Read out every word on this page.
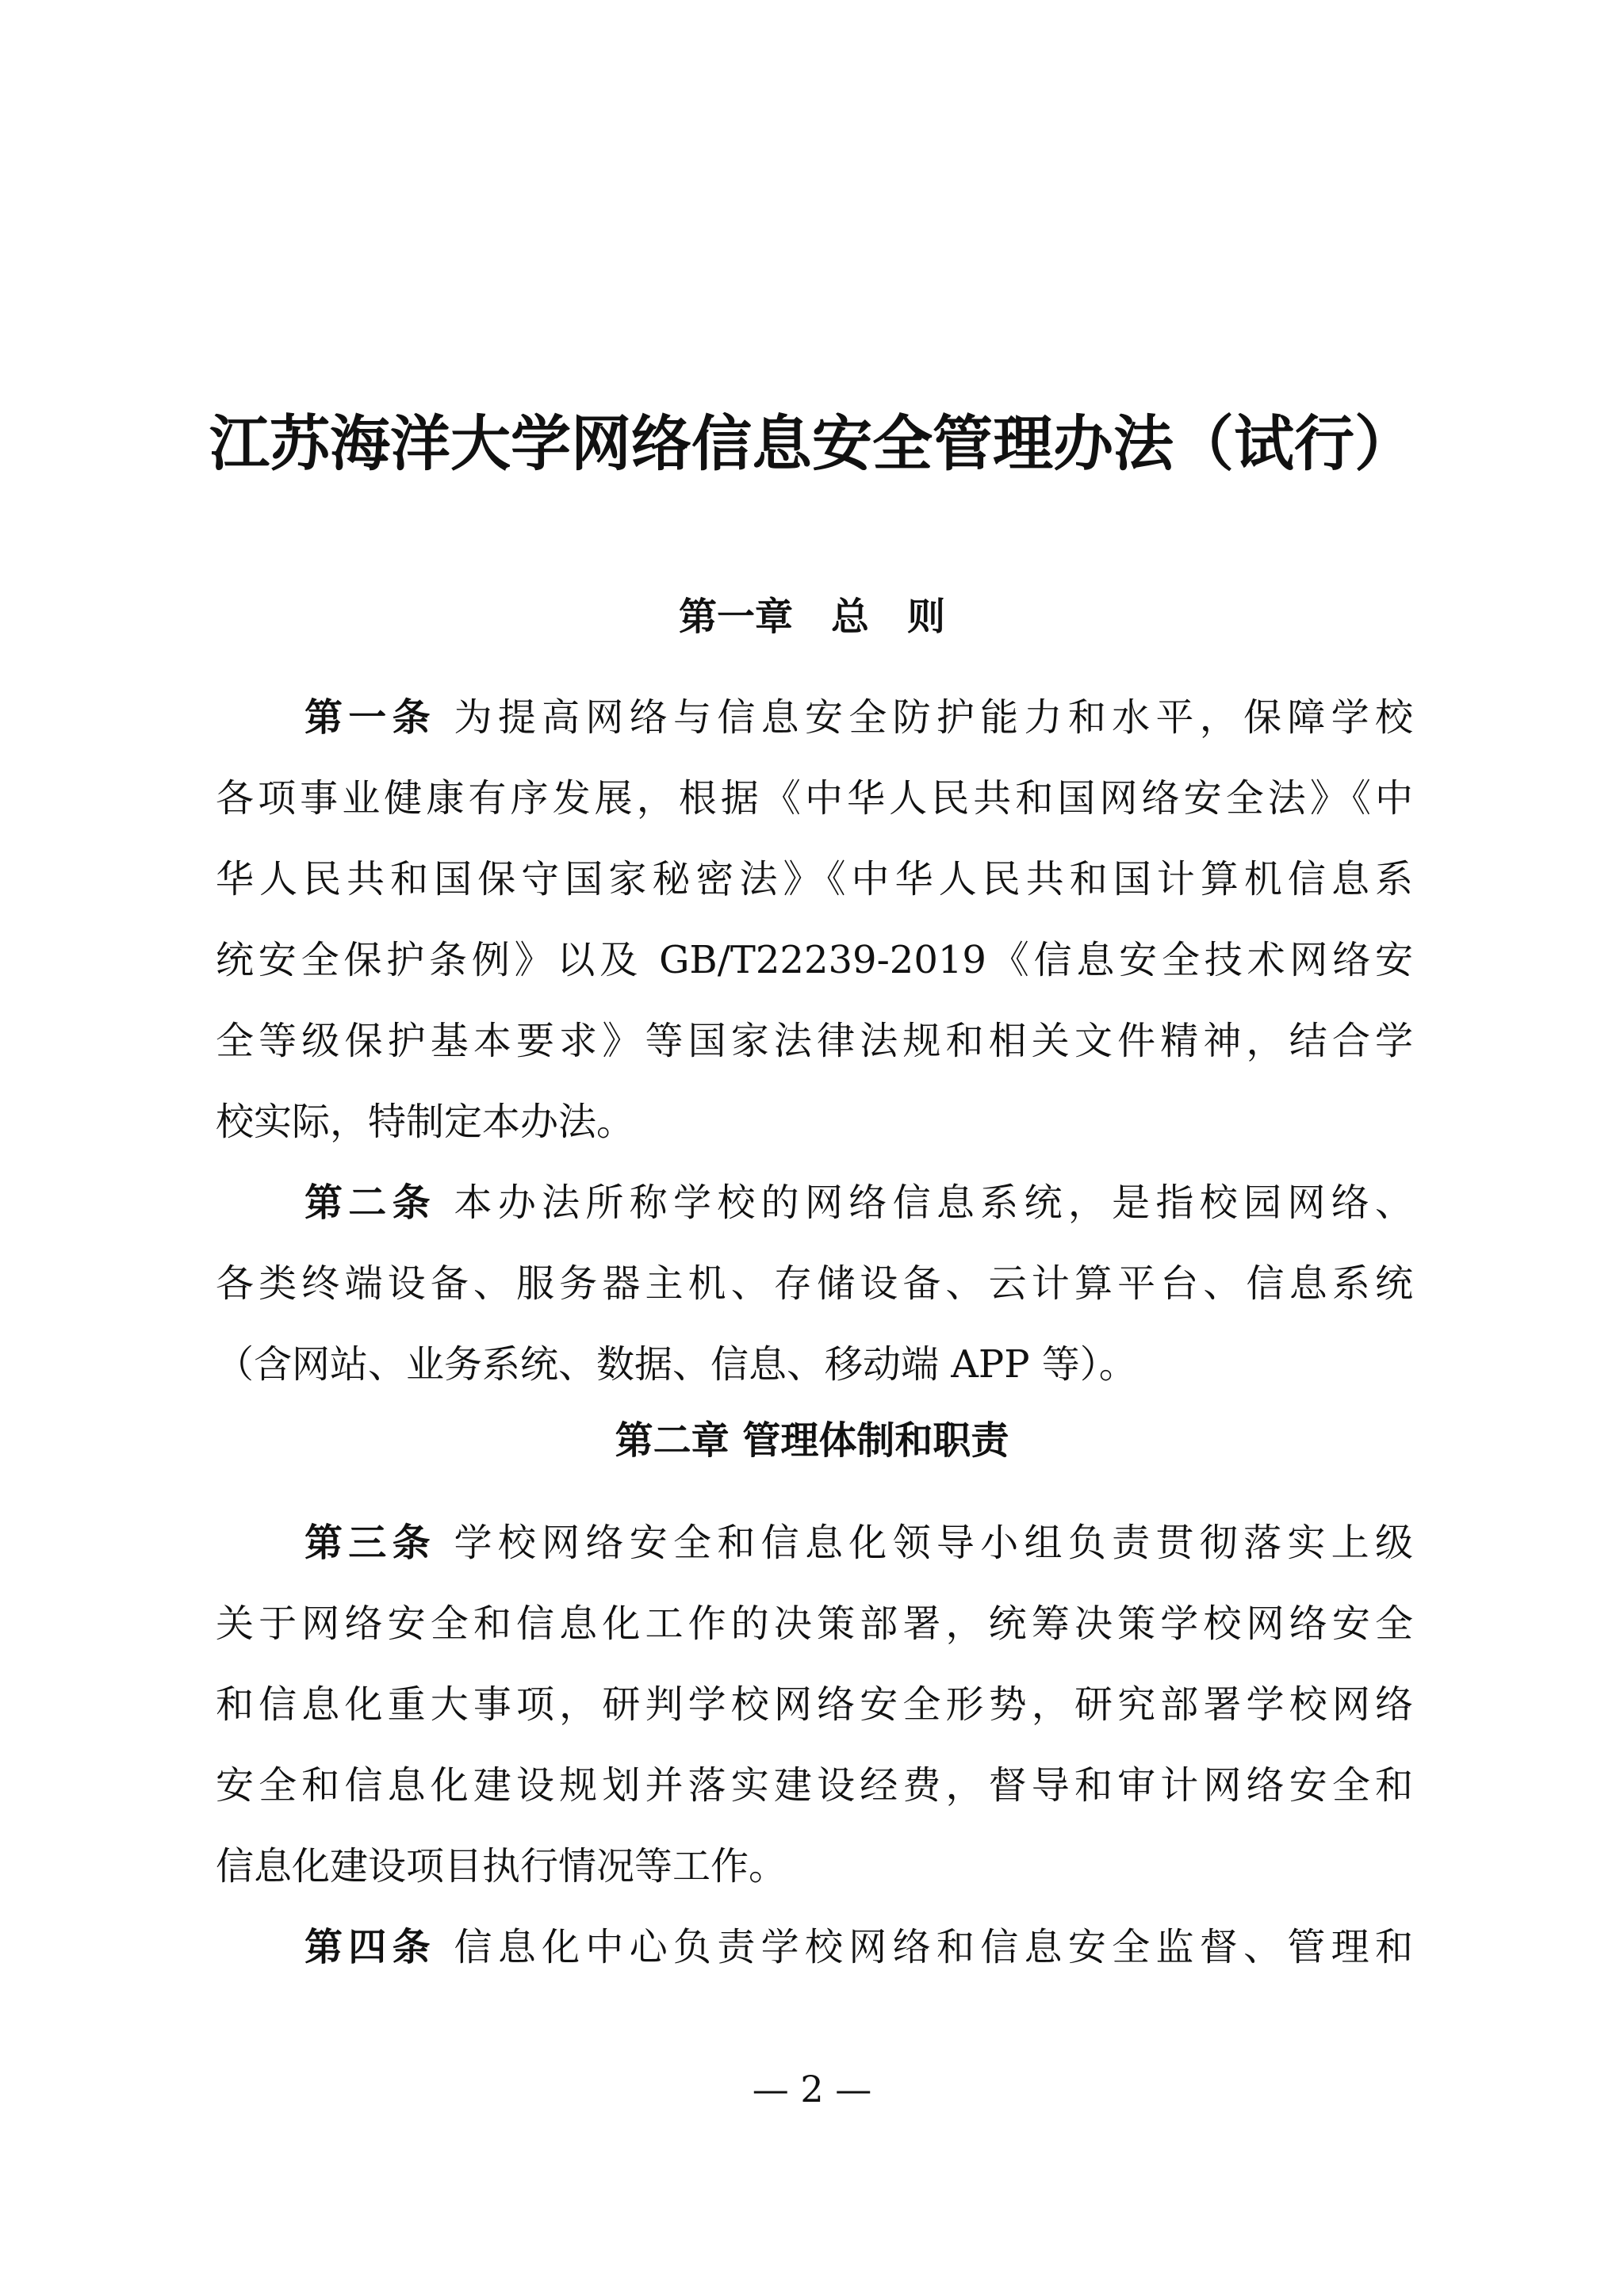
江苏海洋大学网络信息安全管理办法（试行）
第一章　总　则
第一条 为提高网络与信息安全防护能力和水平，保障学校
各项事业健康有序发展，根据《中华人民共和国网络安全法》《中
华人民共和国保守国家秘密法》《中华人民共和国计算机信息系
统安全保护条例》以及 GB/T22239-2019《信息安全技术网络安
全等级保护基本要求》等国家法律法规和相关文件精神，结合学
校实际，特制定本办法。
第二条 本办法所称学校的网络信息系统，是指校园网络、
各类终端设备、服务器主机、存储设备、云计算平台、信息系统
（含网站、业务系统、数据、信息、移动端 APP 等）。
第二章 管理体制和职责
第三条 学校网络安全和信息化领导小组负责贯彻落实上级
关于网络安全和信息化工作的决策部署，统筹决策学校网络安全
和信息化重大事项，研判学校网络安全形势，研究部署学校网络
安全和信息化建设规划并落实建设经费，督导和审计网络安全和
信息化建设项目执行情况等工作。
第四条 信息化中心负责学校网络和信息安全监督、管理和
— 2 —
